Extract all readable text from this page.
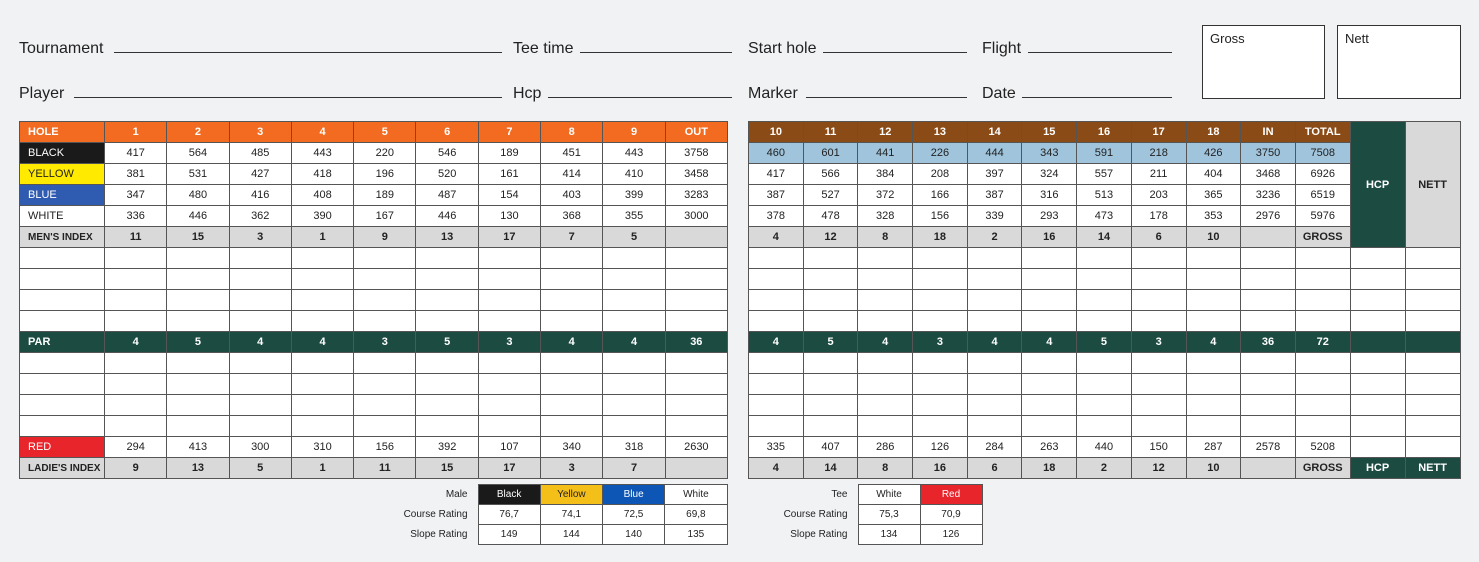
Tournament	Tee time	Start hole	Flight
Player	Hcp	Marker	Date
Gross	Nett
HOLE	1	2	3	4	5	6	7	8	9	OUT
BLACK	417	564	485	443	220	546	189	451	443	3758
YELLOW	381	531	427	418	196	520	161	414	410	3458
BLUE	347	480	416	408	189	487	154	403	399	3283
WHITE	336	446	362	390	167	446	130	368	355	3000
MEN'S INDEX	11	15	3	1	9	13	17	7	5	

PAR	4	5	4	4	3	5	3	4	4	36

RED	294	413	300	310	156	392	107	340	318	2630
LADIE'S INDEX	9	13	5	1	11	15	17	3	7	
10	11	12	13	14	15	16	17	18	IN	TOTAL	HCP	NETT
460	601	441	226	444	343	591	218	426	3750	7508		
417	566	384	208	397	324	557	211	404	3468	6926		
387	527	372	166	387	316	513	203	365	3236	6519		
378	478	328	156	339	293	473	178	353	2976	5976		
4	12	8	18	2	16	14	6	10		GROSS		

4	5	4	3	4	4	5	3	4	36	72		

335	407	286	126	284	263	440	150	287	2578	5208		
4	14	8	16	6	18	2	12	10		GROSS	HCP	NETT
Male	Black	Yellow	Blue	White
Course Rating	76,7	74,1	72,5	69,8
Slope Rating	149	144	140	135
Tee	White	Red
Course Rating	75,3	70,9
Slope Rating	134	126
